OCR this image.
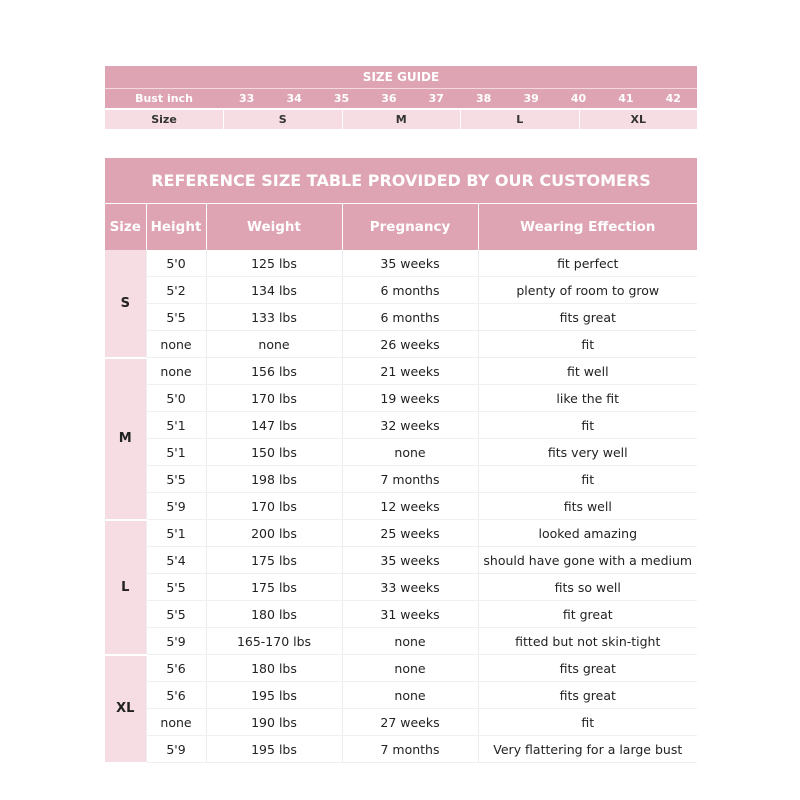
SIZE GUIDE
Bust inch	33	34	35	36	37	38	39	40	41	42
Size	S	M	L	XL
REFERENCE SIZE TABLE PROVIDED BY OUR CUSTOMERS				
Size	Height	Weight	Pregnancy	Wearing Effection
S	5'0	125 lbs	35 weeks	fit perfect
	5'2	134 lbs	6 months	plenty of room to grow
	5'5	133 lbs	6 months	fits great
	none	none	26 weeks	fit
M	none	156 lbs	21 weeks	fit well
	5'0	170 lbs	19 weeks	like the fit
	5'1	147 lbs	32 weeks	fit
	5'1	150 lbs	none	fits very well
	5'5	198 lbs	7 months	fit
	5'9	170 lbs	12 weeks	fits well
L	5'1	200 lbs	25 weeks	looked amazing
	5'4	175 lbs	35 weeks	should have gone with a medium
	5'5	175 lbs	33 weeks	fits so well
	5'5	180 lbs	31 weeks	fit great
	5'9	165-170 lbs	none	fitted but not skin-tight
XL	5'6	180 lbs	none	fits great
	5'6	195 lbs	none	fits great
	none	190 lbs	27 weeks	fit
	5'9	195 lbs	7 months	Very flattering for a large bust
